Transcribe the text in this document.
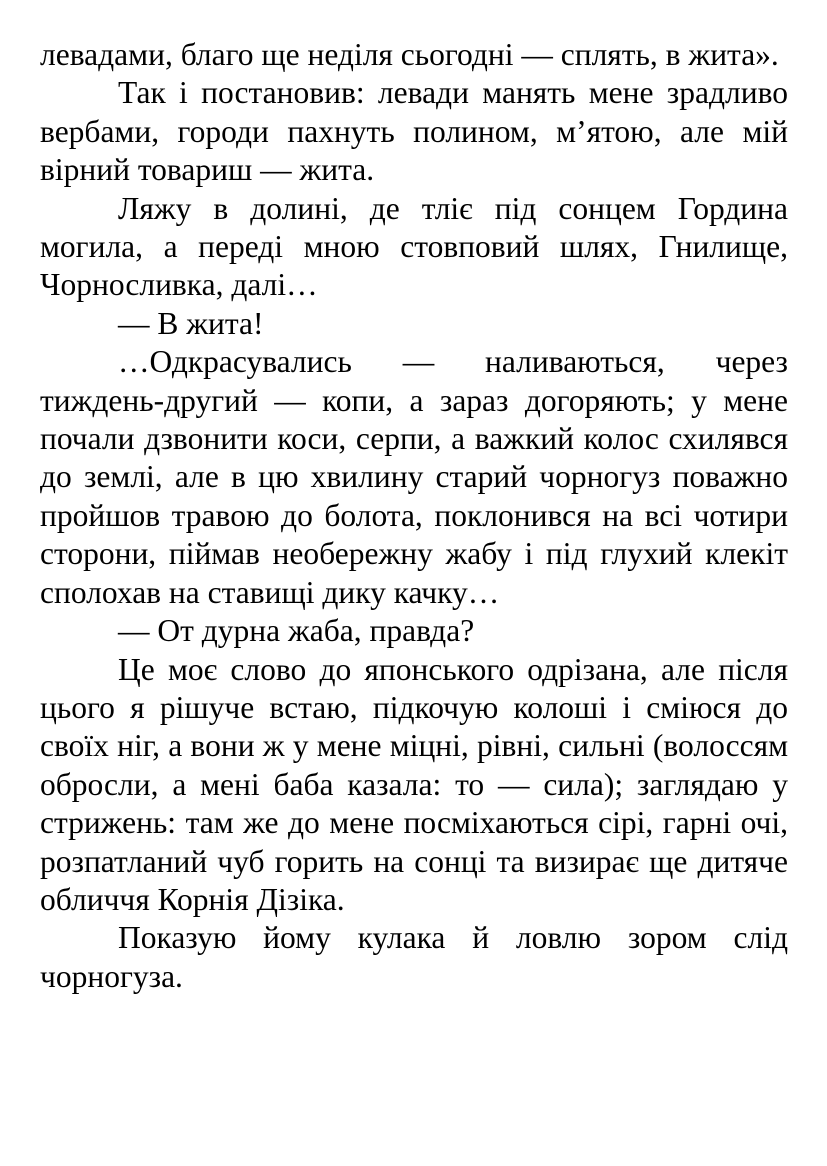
левадами, благо ще неділя сьогодні — сплять, в жита».

Так і постановив: левади манять мене зрадливо вербами, городи пахнуть полином, м’ятою, але мій вірний товариш — жита.

Ляжу в долині, де тліє під сонцем Гордина могила, а переді мною стовповий шлях, Гнилище, Чорносливка, далі…

— В жита!

…Одкрасувались — наливаються, через тиждень-другий — копи, а зараз догоряють; у мене почали дзвонити коси, серпи, а важкий колос схилявся до землі, але в цю хвилину старий чорногуз поважно пройшов травою до болота, поклонився на всі чотири сторони, піймав необережну жабу і під глухий клекіт сполохав на ставищі дику качку…

— От дурна жаба, правда?

Це моє слово до японського одрізана, але після цього я рішуче встаю, підкочую колоші і сміюся до своїх ніг, а вони ж у мене міцні, рівні, сильні (волоссям обросли, а мені баба казала: то — сила); заглядаю у стрижень: там же до мене посміхаються сірі, гарні очі, розпатланий чуб горить на сонці та визирає ще дитяче обличчя Корнія Дізіка.

Показую йому кулака й ловлю зором слід чорногуза.
